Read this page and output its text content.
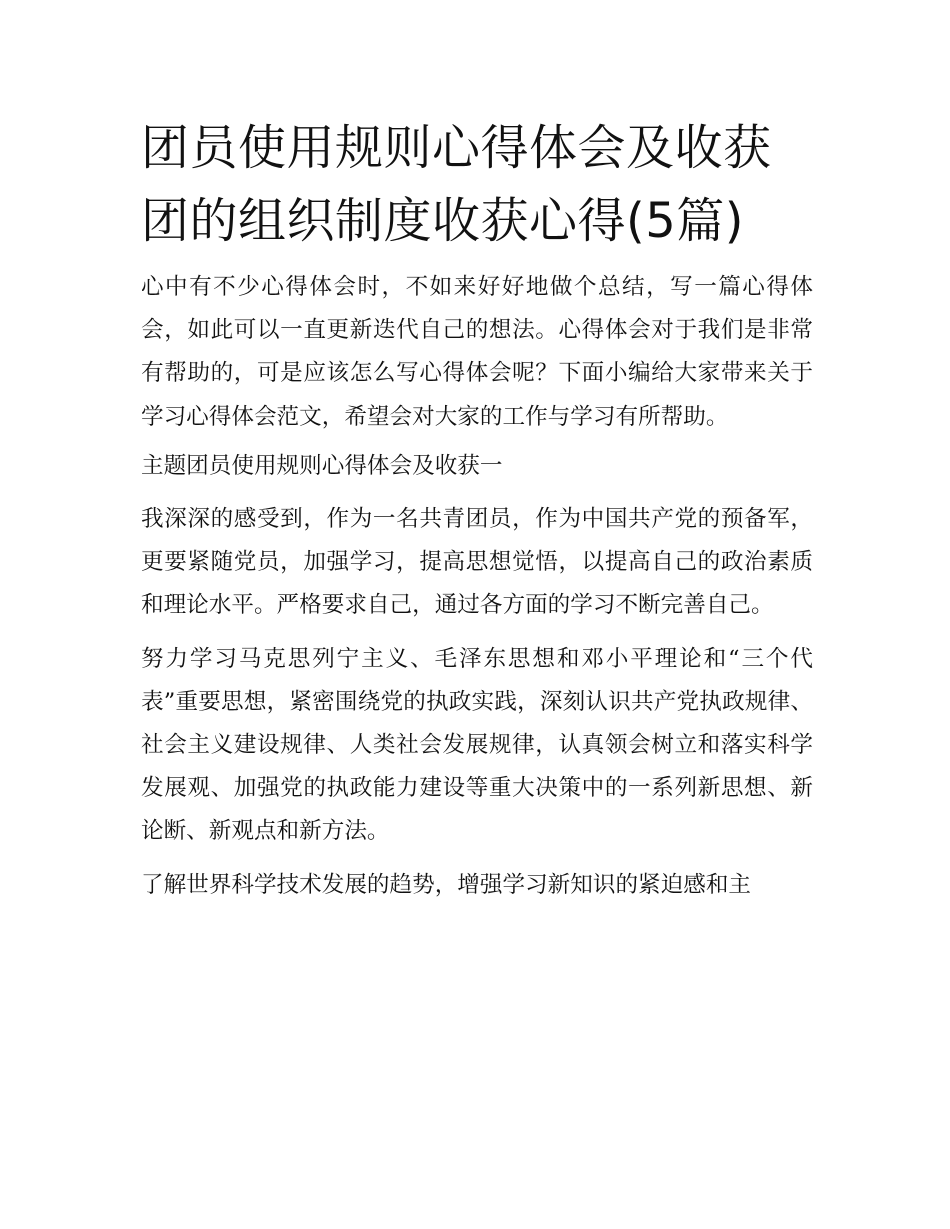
团员使用规则心得体会及收获
团的组织制度收获心得(5篇)

心中有不少心得体会时，不如来好好地做个总结，写一篇心得体会，如此可以一直更新迭代自己的想法。心得体会对于我们是非常有帮助的，可是应该怎么写心得体会呢？下面小编给大家带来关于学习心得体会范文，希望会对大家的工作与学习有所帮助。

主题团员使用规则心得体会及收获一

我深深的感受到，作为一名共青团员，作为中国共产党的预备军，更要紧随党员，加强学习，提高思想觉悟，以提高自己的政治素质和理论水平。严格要求自己，通过各方面的学习不断完善自己。

努力学习马克思列宁主义、毛泽东思想和邓小平理论和“三个代表”重要思想，紧密围绕党的执政实践，深刻认识共产党执政规律、社会主义建设规律、人类社会发展规律，认真领会树立和落实科学发展观、加强党的执政能力建设等重大决策中的一系列新思想、新论断、新观点和新方法。

了解世界科学技术发展的趋势，增强学习新知识的紧迫感和主
